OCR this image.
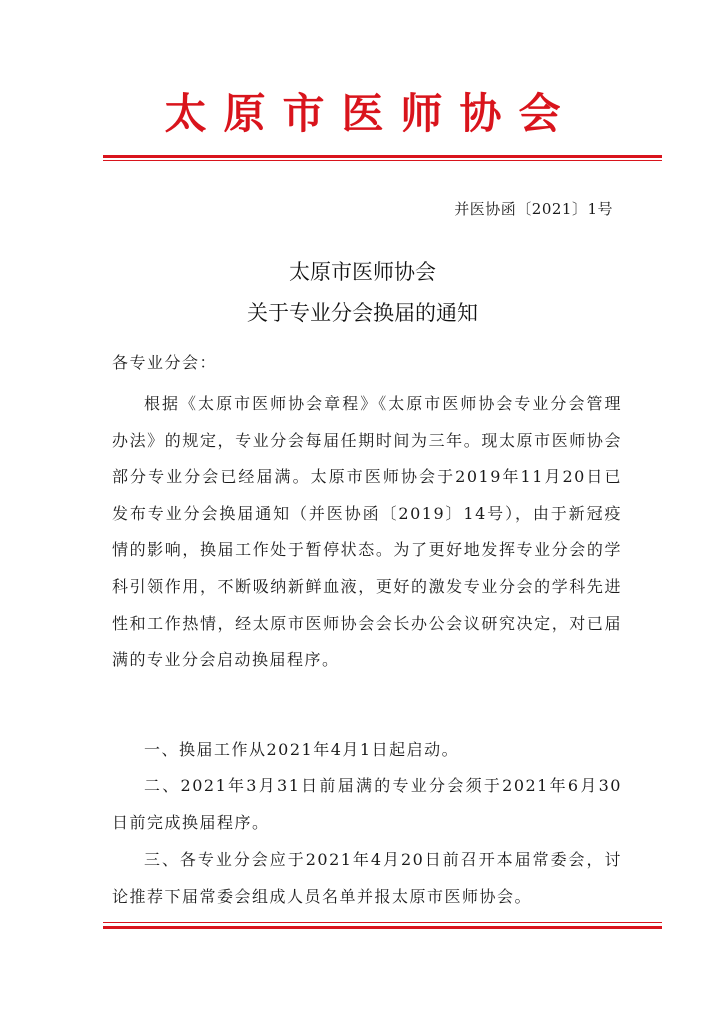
太原市医师协会
并医协函〔2021〕1号
太原市医师协会
关于专业分会换届的通知
各专业分会：

根据《太原市医师协会章程》《太原市医师协会专业分会管理办法》的规定，专业分会每届任期时间为三年。现太原市医师协会部分专业分会已经届满。太原市医师协会于2019年11月20日已发布专业分会换届通知（并医协函〔2019〕14号），由于新冠疫情的影响，换届工作处于暂停状态。为了更好地发挥专业分会的学科引领作用，不断吸纳新鲜血液，更好的激发专业分会的学科先进性和工作热情，经太原市医师协会会长办公会议研究决定，对已届满的专业分会启动换届程序。

一、换届工作从2021年4月1日起启动。

二、2021年3月31日前届满的专业分会须于2021年6月30日前完成换届程序。

三、各专业分会应于2021年4月20日前召开本届常委会，讨论推荐下届常委会组成人员名单并报太原市医师协会。
